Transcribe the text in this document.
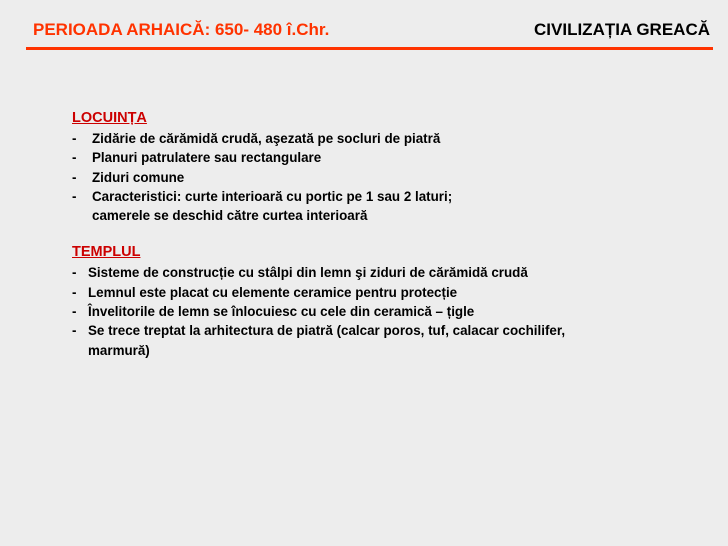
PERIOADA ARHAICĂ: 650- 480 î.Chr.	CIVILIZAȚIA GREACĂ

LOCUINȚA

- Zidărie de cărămidă crudă, aşezată pe socluri de piatră
- Planuri patrulatere sau rectangulare
- Ziduri comune
- Caracteristici: curte interioară cu portic pe 1 sau 2 laturi;
camerele se deschid către curtea interioară

TEMPLUL

- Sisteme de construcție cu stâlpi din lemn şi ziduri de cărămidă crudă
- Lemnul este placat cu elemente ceramice pentru protecție
- Învelitorile de lemn se înlocuiesc cu cele din ceramică – țigle
- Se trece treptat la arhitectura de piatră (calcar poros, tuf, calacar cochilifer,
marmură)
